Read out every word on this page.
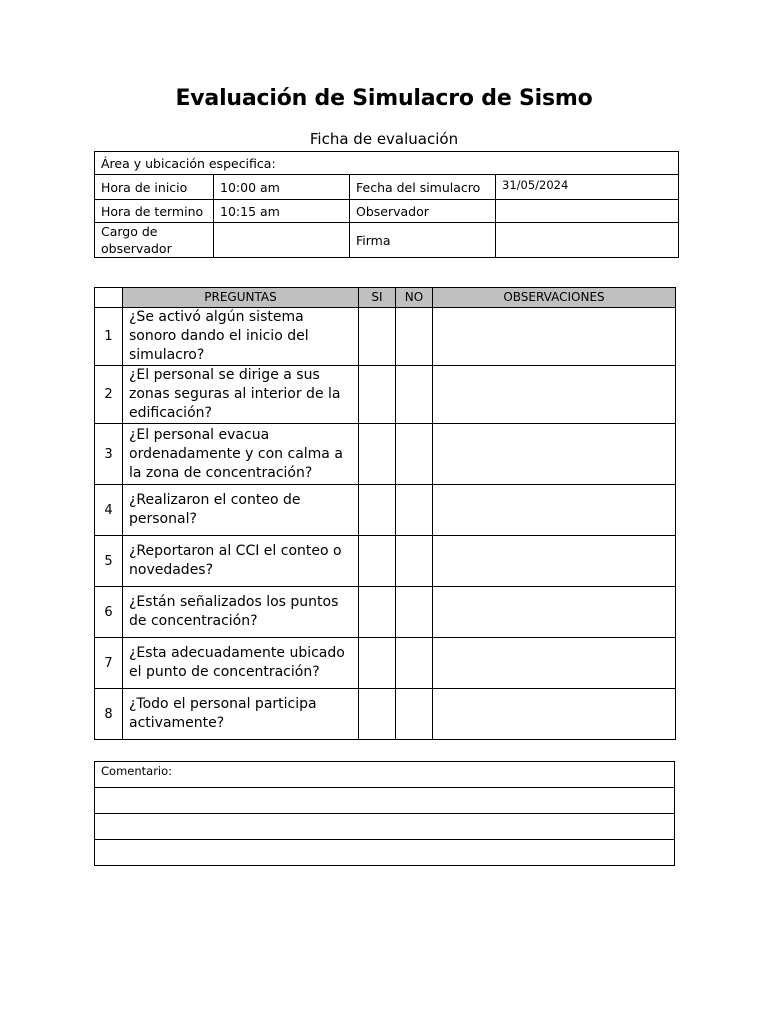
Evaluación de Simulacro de Sismo
Ficha de evaluación
Área y ubicación especifica:			
Hora de inicio	10:00 am	Fecha del simulacro	31/05/2024
Hora de termino	10:15 am	Observador	
Cargo de observador		Firma	
	PREGUNTAS	SI	NO	OBSERVACIONES
1	¿Se activó algún sistema sonoro dando el inicio del simulacro?			
2	¿El personal se dirige a sus zonas seguras al interior de la edificación?			
3	¿El personal evacua ordenadamente y con calma a la zona de concentración?			
4	¿Realizaron el conteo de personal?			
5	¿Reportaron al CCI el conteo o novedades?			
6	¿Están señalizados los puntos de concentración?			
7	¿Esta adecuadamente ubicado el punto de concentración?			
8	¿Todo el personal participa activamente?			
Comentario:
